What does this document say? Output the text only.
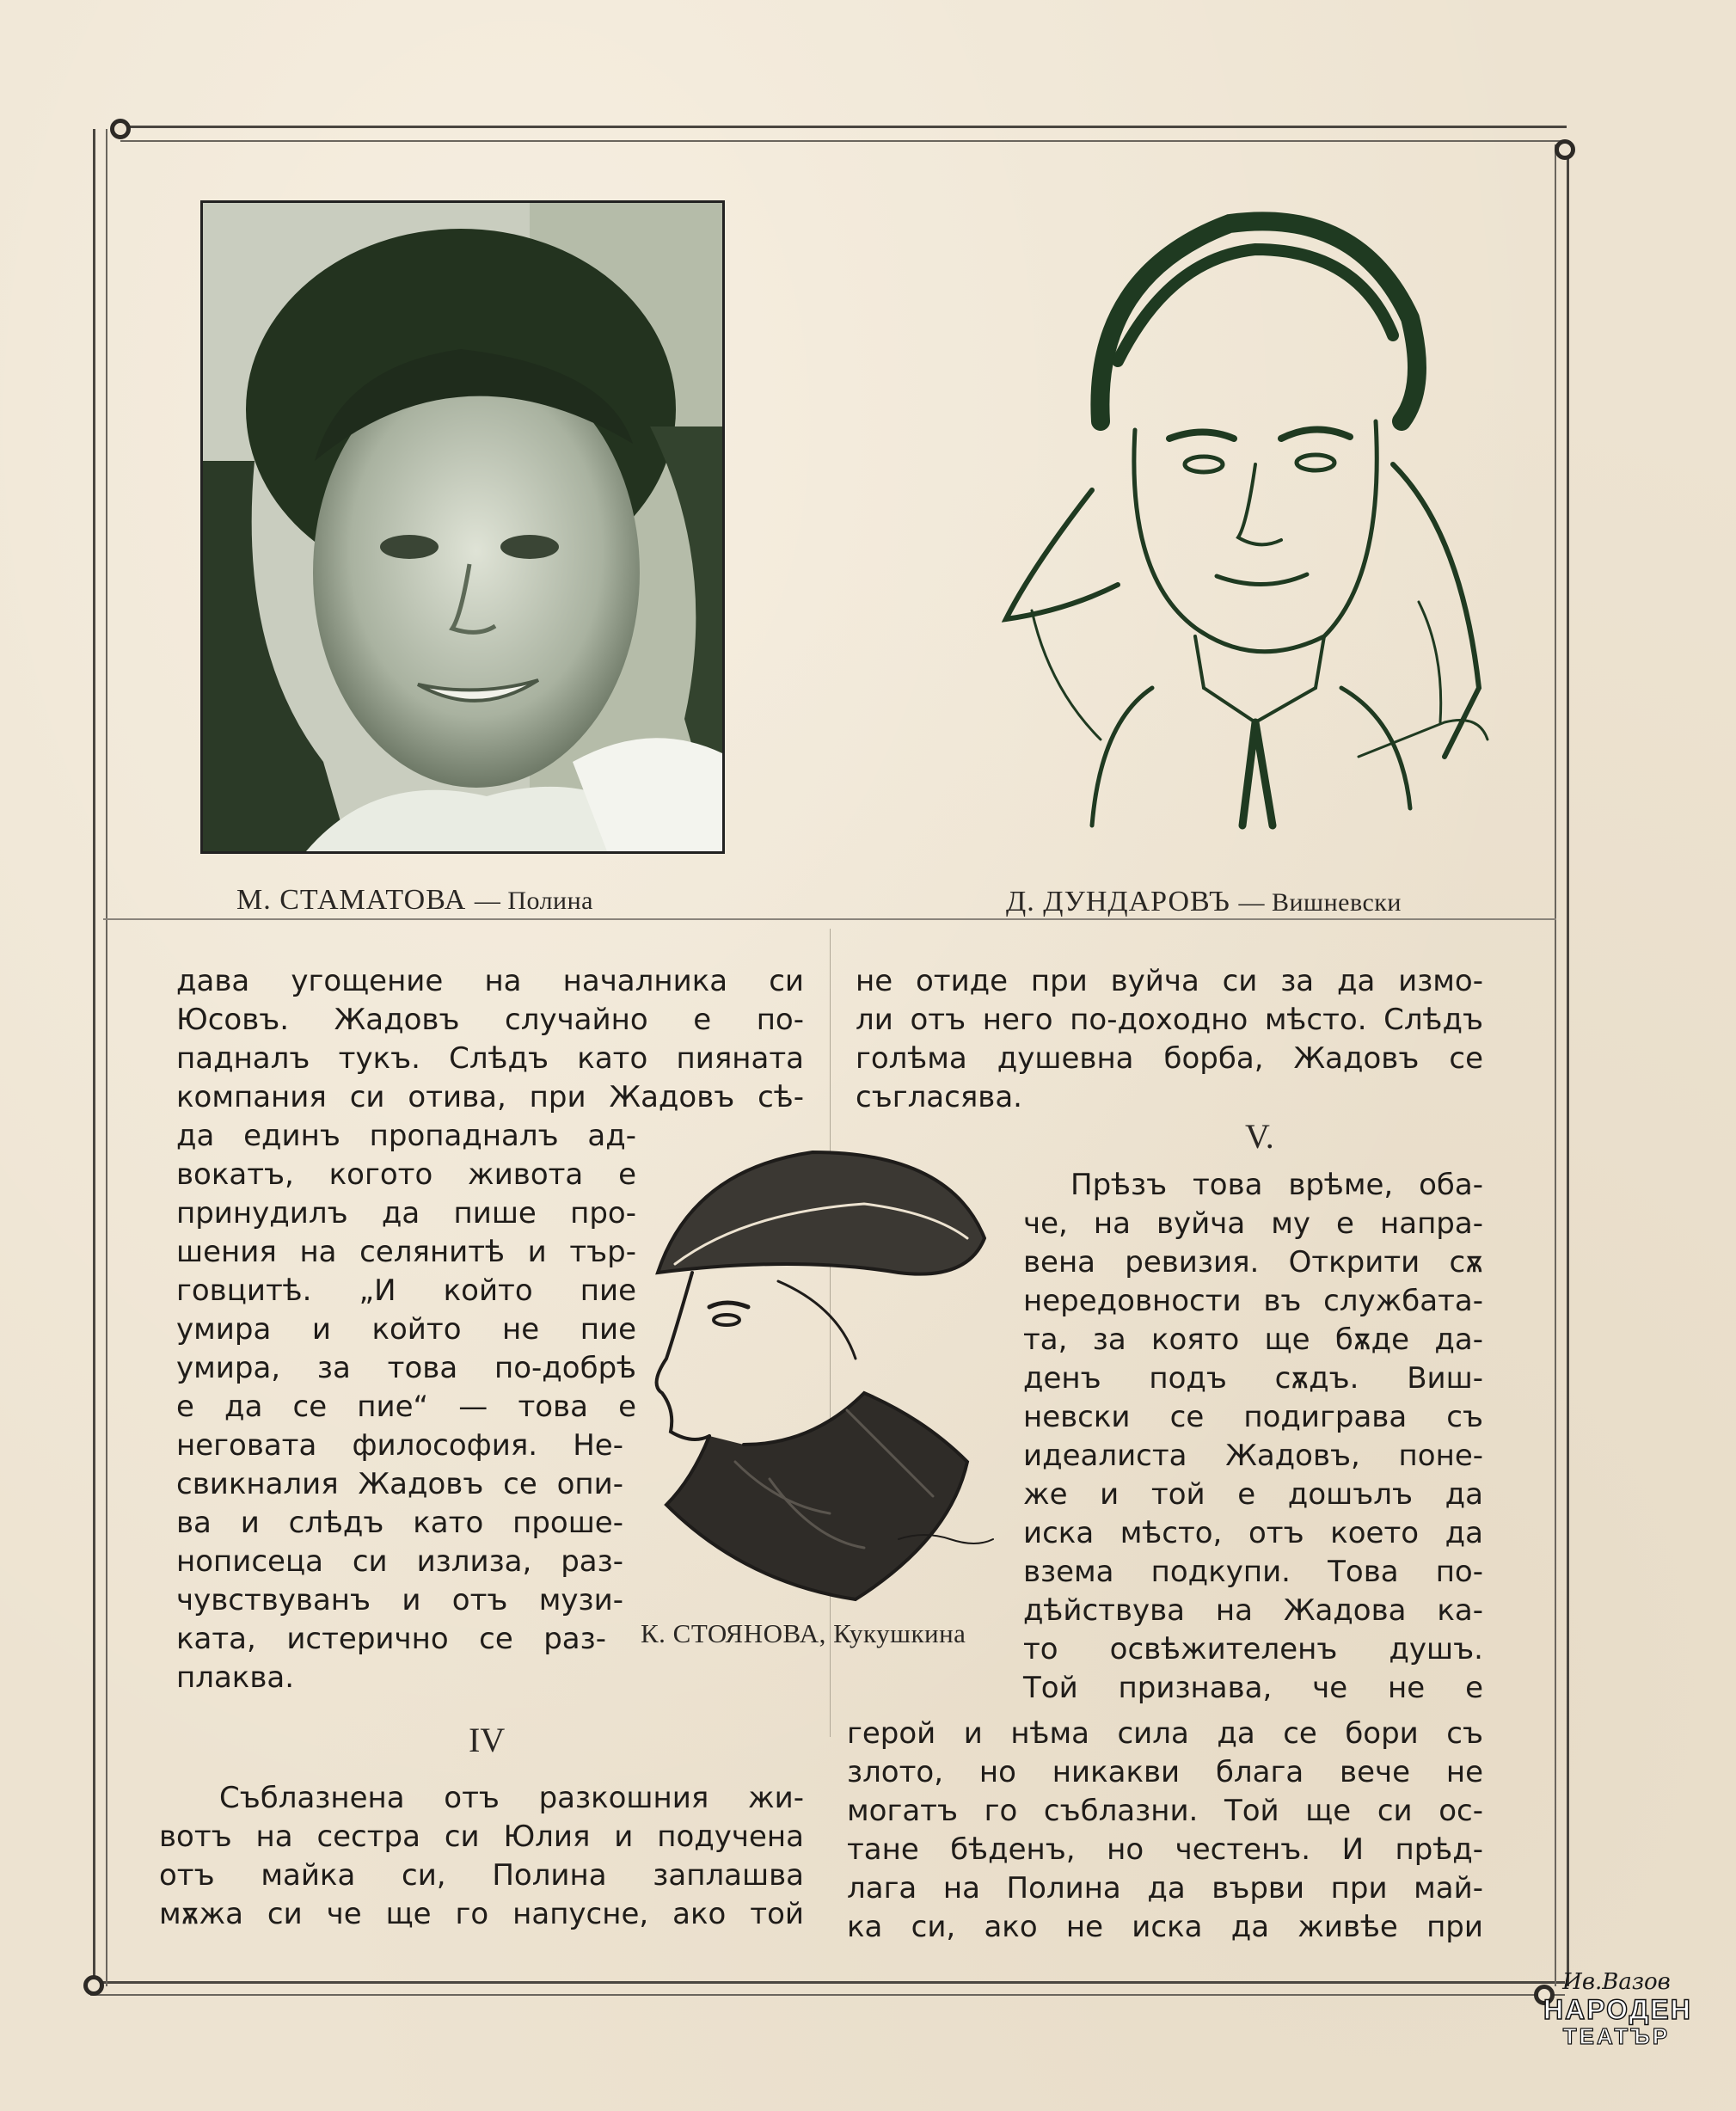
М. СТАМАТОВА — Полина	Д. ДУНДАРОВЪ — Вишневски
дава угощение на началника си
Юсовъ. Жадовъ случайно е по-
падналъ тукъ. Слѣдъ като пияната
компания си отива, при Жадовъ сѣ-
да единъ пропадналъ ад-
вокатъ, когото живота е
принудилъ да пише про-
шения на селянитѣ и тър-
говцитѣ. „И който пие
умира и който не пие
умира, за това по-добрѣ
е да се пие“ — това е
неговата философия. Не-
свикналия Жадовъ се опи-
ва и слѣдъ като проше-
нописеца си излиза, раз-
чувствуванъ и отъ музи-
ката, истерично се раз-
плаква.
IV
Съблазнена отъ разкошния жи-
вотъ на сестра си Юлия и подучена
отъ майка си, Полина заплашва
мѫжа си че ще го напусне, ако той
К. СТОЯНОВА, Кукушкина
не отиде при вуйча си за да измо-
ли отъ него по-доходно мѣсто. Слѣдъ
голѣма душевна борба, Жадовъ се
съгласява.
V.
Прѣзъ това врѣме, оба-
че, на вуйча му е напра-
вена ревизия. Открити сѫ
нередовности въ службата-
та, за която ще бѫде да-
денъ подъ сѫдъ. Виш-
невски се подиграва съ
идеалиста Жадовъ, поне-
же и той е дошълъ да
иска мѣсто, отъ което да
взема подкупи. Това по-
дѣйствува на Жадова ка-
то освѣжителенъ душъ.
Той признава, че не е
герой и нѣма сила да се бори съ
злото, но никакви блага вече не
могатъ го съблазни. Той ще си ос-
тане бѣденъ, но честенъ. И прѣд-
лага на Полина да върви при май-
ка си, ако не иска да живѣе при
Ив.Вазов
НАРОДЕН
ТЕАТЪР
